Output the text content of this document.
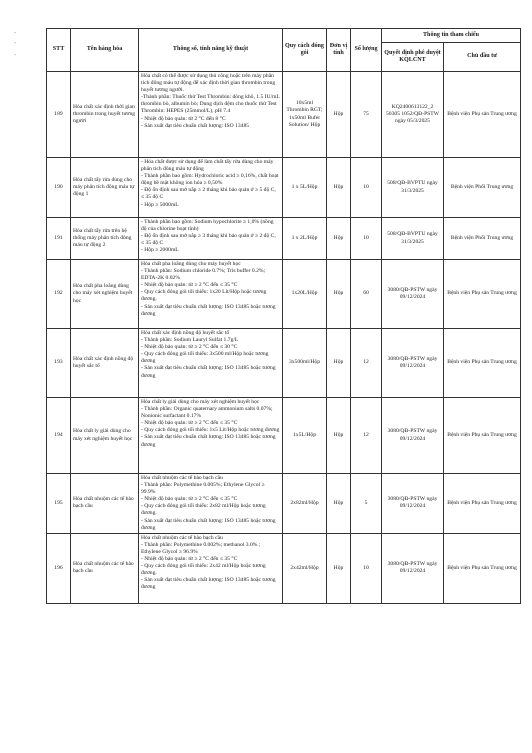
-
-
-
STT	Tên hàng hóa	Thông số, tính năng kỹ thuật	Quy cách đóng gói	Đơn vị tính	Số lượng	Thông tin tham chiếu	
						Quyết định phê duyệt KQLCNT	Chủ đầu tư
189	Hóa chất xác định thời gian thrombin trong huyết tương người	Hóa chất có thể được sử dụng thủ công hoặc trên máy phân tích đông máu tự động để xác định thời gian thrombin trong huyết tương người.
-Thành phần: Thuốc thử Test Thrombin: dòng khô, 1.5 IU/mL thrombin bò, albumin bò; Dung dịch đệm cho thuốc thử Test Thrombin: HEPES (25mmol/L), pH 7.4
- Nhiệt độ bảo quản: từ 2 °C đến 8 °C
- Sản xuất đạt tiêu chuẩn chất lượng: ISO 13485	10x5ml Thrombin RGT; 1x50ml Bufer Solution/ Hộp	Hộp	75	KQ2400613122_2 50305 1052/QĐ-PSTW ngày 05/3/2025	Bệnh viện Phụ sản Trung ương
190	Hóa chất tẩy rửa dùng cho máy phân tích đông máu tự động 1	- Hóa chất được sử dụng để làm chất tẩy rửa dùng cho máy phân tích đông máu tự động
- Thành phần bao gồm: Hydrochloric acid ≥ 0,16%, chất hoạt động bề mặt không ion hóa ≥ 0,50%
- Độ ổn định sau mở nắp ≥ 2 tháng khi bảo quản ở ≥ 5 độ C, ≤ 35 độ C
- Hộp ≥ 5000mL	1 x 5L/Hộp	Hộp	10	508/QĐ-BVPTU ngày 31/3/2025	Bệnh viện Phổi Trung ương
191	Hóa chất tẩy rửa trên hệ thống máy phân tích đông máu tự động 2	- Thành phần bao gồm: Sodium hypochlorite ≥ 1,0% (nồng độ của chlorine hoạt tính)
- Độ ổn định sau mở nắp ≥ 3 tháng khi bảo quản ở ≥ 2 độ C, ≤ 35 độ C
- Hộp ≥ 2000mL	1 x 2L/Hộp	Hộp	10	508/QĐ-BVPTU ngày 31/3/2025	Bệnh viện Phổi Trung ương
192	Hóa chất pha loãng dùng cho máy xét nghiệm huyết học	Hóa chất pha loãng dùng cho máy huyết học
- Thành phần: Sodium chloride 0.7%; Tris buffer 0.2%; EDTA-2K 0.02%
- Nhiệt độ bảo quản: từ ≥ 2 °C đến ≤ 35 °C
- Quy cách đóng gói tối thiểu: 1x20 Lít/Hộp hoặc tương đương.
- Sản xuất đạt tiêu chuẩn chất lượng: ISO 13485 hoặc tương đương	1x20L/Hộp	Hộp	60	3080/QĐ-PSTW ngày 09/12/2024	Bệnh viện Phụ sản Trung ương
193	Hóa chất xác định nồng độ huyết sắc tố	Hóa chất xác định nồng độ huyết sắc tố
- Thành phần: Sodium Lauryl Sulfat 1.7g/L
- Nhiệt độ bảo quản: từ ≥ 2 °C đến ≤ 30 °C
- Quy cách đóng gói tối thiểu: 3x500 ml/Hộp hoặc tương đương
- Sản xuất đạt tiêu chuẩn chất lượng: ISO 13485 hoặc tương đương	3x500ml/Hộp	Hộp	12	3080/QĐ-PSTW ngày 09/12/2024	Bệnh viện Phụ sản Trung ương
194	Hóa chất ly giải dùng cho máy xét nghiệm huyết học	Hóa chất ly giải dùng cho máy xét nghiệm huyết học
- Thành phần: Organic quaternary ammonium salts 0.07%; Nonionic surfactant 0.17%
- Nhiệt độ bảo quản: từ ≥ 2 °C đến ≤ 35 °C
- Quy cách đóng gói tối thiểu: 1x5 Lít/Hộp hoặc tương đương
- Sản xuất đạt tiêu chuẩn chất lượng: ISO 13485 hoặc tương đương	1x5L/Hộp	Hộp	12	3080/QĐ-PSTW ngày 09/12/2024	Bệnh viện Phụ sản Trung ương
195	Hóa chất nhuộm các tế bào bạch cầu	Hóa chất nhuộm các tế bào bạch cầu
- Thành phần: Polymethine 0.005%; Ethylene Glycol ≥ 99.9%
- Nhiệt độ bảo quản: từ ≥ 2 °C đến ≤ 35 °C
- Quy cách đóng gói tối thiểu: 2x82 ml/Hộp hoặc tương đương.
- Sản xuất đạt tiêu chuẩn chất lượng: ISO 13485 hoặc tương đương	2x82ml/Hộp	Hộp	5	3080/QĐ-PSTW ngày 09/12/2024	Bệnh viện Phụ sản Trung ương
196	Hóa chất nhuộm các tế bào bạch cầu	Hóa chất nhuộm các tế bào bạch cầu
- Thành phần: Polymethine 0.002%; methanol 3.0% ; Ethylene Glycol ≥ 96.9%
- Nhiệt độ bảo quản: từ ≥ 2 °C đến ≤ 35 °C
- Quy cách đóng gói tối thiểu: 2x42 ml/Hộp hoặc tương đương.
- Sản xuất đạt tiêu chuẩn chất lượng: ISO 13485 hoặc tương đương	2x42ml/Hộp	Hộp	10	3080/QĐ-PSTW ngày 09/12/2024	Bệnh viện Phụ sản Trung ương
